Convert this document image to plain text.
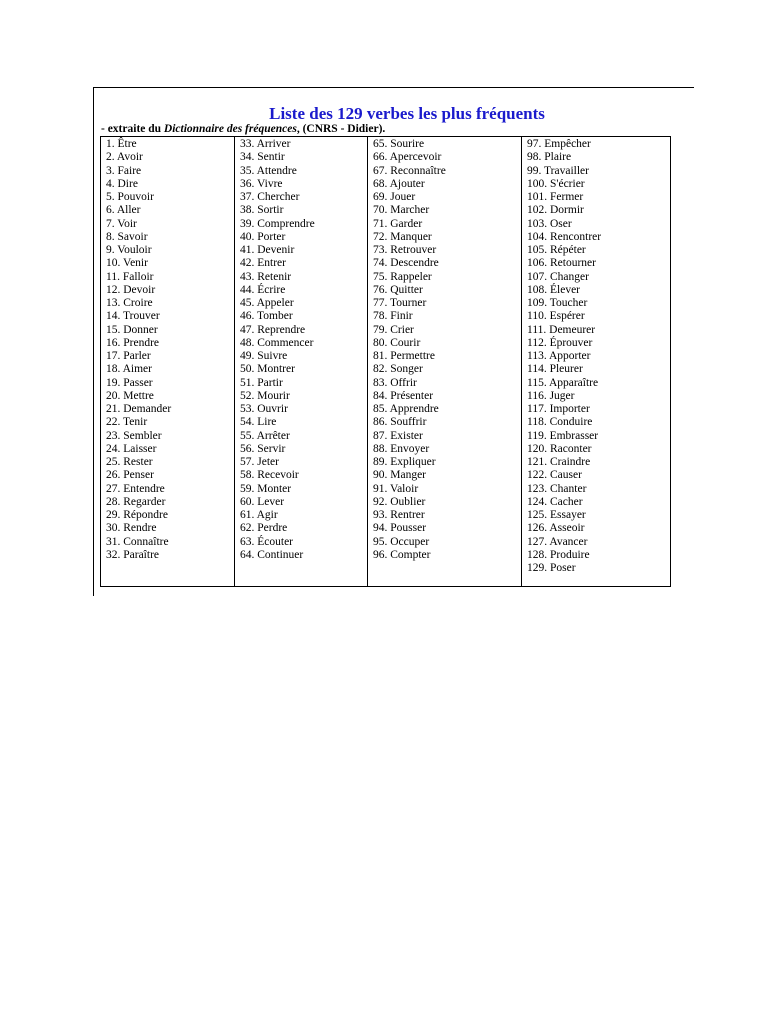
Liste des 129 verbes les plus fréquents

- extraite du Dictionnaire des fréquences, (CNRS - Didier).

1. Être
2. Avoir
3. Faire
4. Dire
5. Pouvoir
6. Aller
7. Voir
8. Savoir
9. Vouloir
10. Venir
11. Falloir
12. Devoir
13. Croire
14. Trouver
15. Donner
16. Prendre
17. Parler
18. Aimer
19. Passer
20. Mettre
21. Demander
22. Tenir
23. Sembler
24. Laisser
25. Rester
26. Penser
27. Entendre
28. Regarder
29. Répondre
30. Rendre
31. Connaître
32. Paraître
33. Arriver
34. Sentir
35. Attendre
36. Vivre
37. Chercher
38. Sortir
39. Comprendre
40. Porter
41. Devenir
42. Entrer
43. Retenir
44. Écrire
45. Appeler
46. Tomber
47. Reprendre
48. Commencer
49. Suivre
50. Montrer
51. Partir
52. Mourir
53. Ouvrir
54. Lire
55. Arrêter
56. Servir
57. Jeter
58. Recevoir
59. Monter
60. Lever
61. Agir
62. Perdre
63. Écouter
64. Continuer
65. Sourire
66. Apercevoir
67. Reconnaître
68. Ajouter
69. Jouer
70. Marcher
71. Garder
72. Manquer
73. Retrouver
74. Descendre
75. Rappeler
76. Quitter
77. Tourner
78. Finir
79. Crier
80. Courir
81. Permettre
82. Songer
83. Offrir
84. Présenter
85. Apprendre
86. Souffrir
87. Exister
88. Envoyer
89. Expliquer
90. Manger
91. Valoir
92. Oublier
93. Rentrer
94. Pousser
95. Occuper
96. Compter
97. Empêcher
98. Plaire
99. Travailler
100. S'écrier
101. Fermer
102. Dormir
103. Oser
104. Rencontrer
105. Répéter
106. Retourner
107. Changer
108. Élever
109. Toucher
110. Espérer
111. Demeurer
112. Éprouver
113. Apporter
114. Pleurer
115. Apparaître
116. Juger
117. Importer
118. Conduire
119. Embrasser
120. Raconter
121. Craindre
122. Causer
123. Chanter
124. Cacher
125. Essayer
126. Asseoir
127. Avancer
128. Produire
129. Poser
